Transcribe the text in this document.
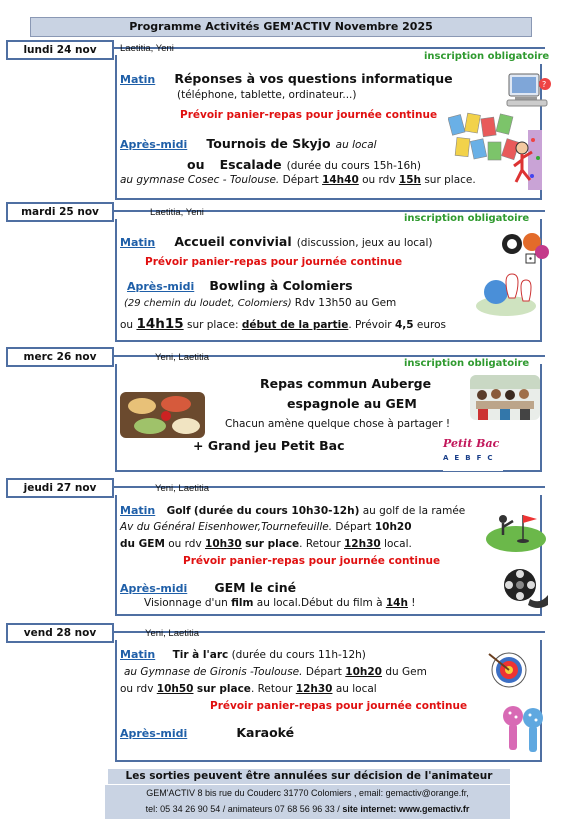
Programme Activités GEM'ACTIV Novembre 2025
lundi 24 nov	Laetitia, Yeni
inscription obligatoire
Matin Réponses à vos questions informatique
(téléphone, tablette, ordinateur...)
Prévoir panier-repas pour journée continue
Après-midi Tournois de Skyjo au local
ou Escalade (durée du cours 15h-16h)
au gymnase Cosec - Toulouse. Départ 14h40 ou rdv 15h sur place.
?
mardi 25 nov	Laetitia, Yeni
inscription obligatoire
Matin Accueil convivial (discussion, jeux au local)
Prévoir panier-repas pour journée continue
Après-midi Bowling à Colomiers
(29 chemin du loudet, Colomiers) Rdv 13h50 au Gem
ou 14h15 sur place: début de la partie. Prévoir 4,5 euros
merc 26 nov	Yeni, Laetitia
inscription obligatoire
Repas commun Auberge
espagnole au GEM
Chacun amène quelque chose à partager !
+ Grand jeu Petit Bac	Petit Bac
A E B F C
jeudi 27 nov	Yeni, Laetitia
Matin Golf (durée du cours 10h30-12h) au golf de la ramée
Av du Général Eisenhower,Tournefeuille. Départ 10h20
du GEM ou rdv 10h30 sur place. Retour 12h30 local.
Prévoir panier-repas pour journée continue
Après-midi GEM le ciné
Visionnage d'un film au local.Début du film à 14h !
vend 28 nov	Yeni, Laetitia
Matin Tir à l'arc (durée du cours 11h-12h)
au Gymnase de Gironis -Toulouse. Départ 10h20 du Gem
ou rdv 10h50 sur place. Retour 12h30 au local
Prévoir panier-repas pour journée continue
Après-midi	Karaoké
Les sorties peuvent être annulées sur décision de l'animateur
GEM'ACTIV 8 bis rue du Couderc 31770 Colomiers , email: gemactiv@orange.fr,
tel: 05 34 26 90 54 / animateurs 07 68 56 96 33 / site internet: www.gemactiv.fr
